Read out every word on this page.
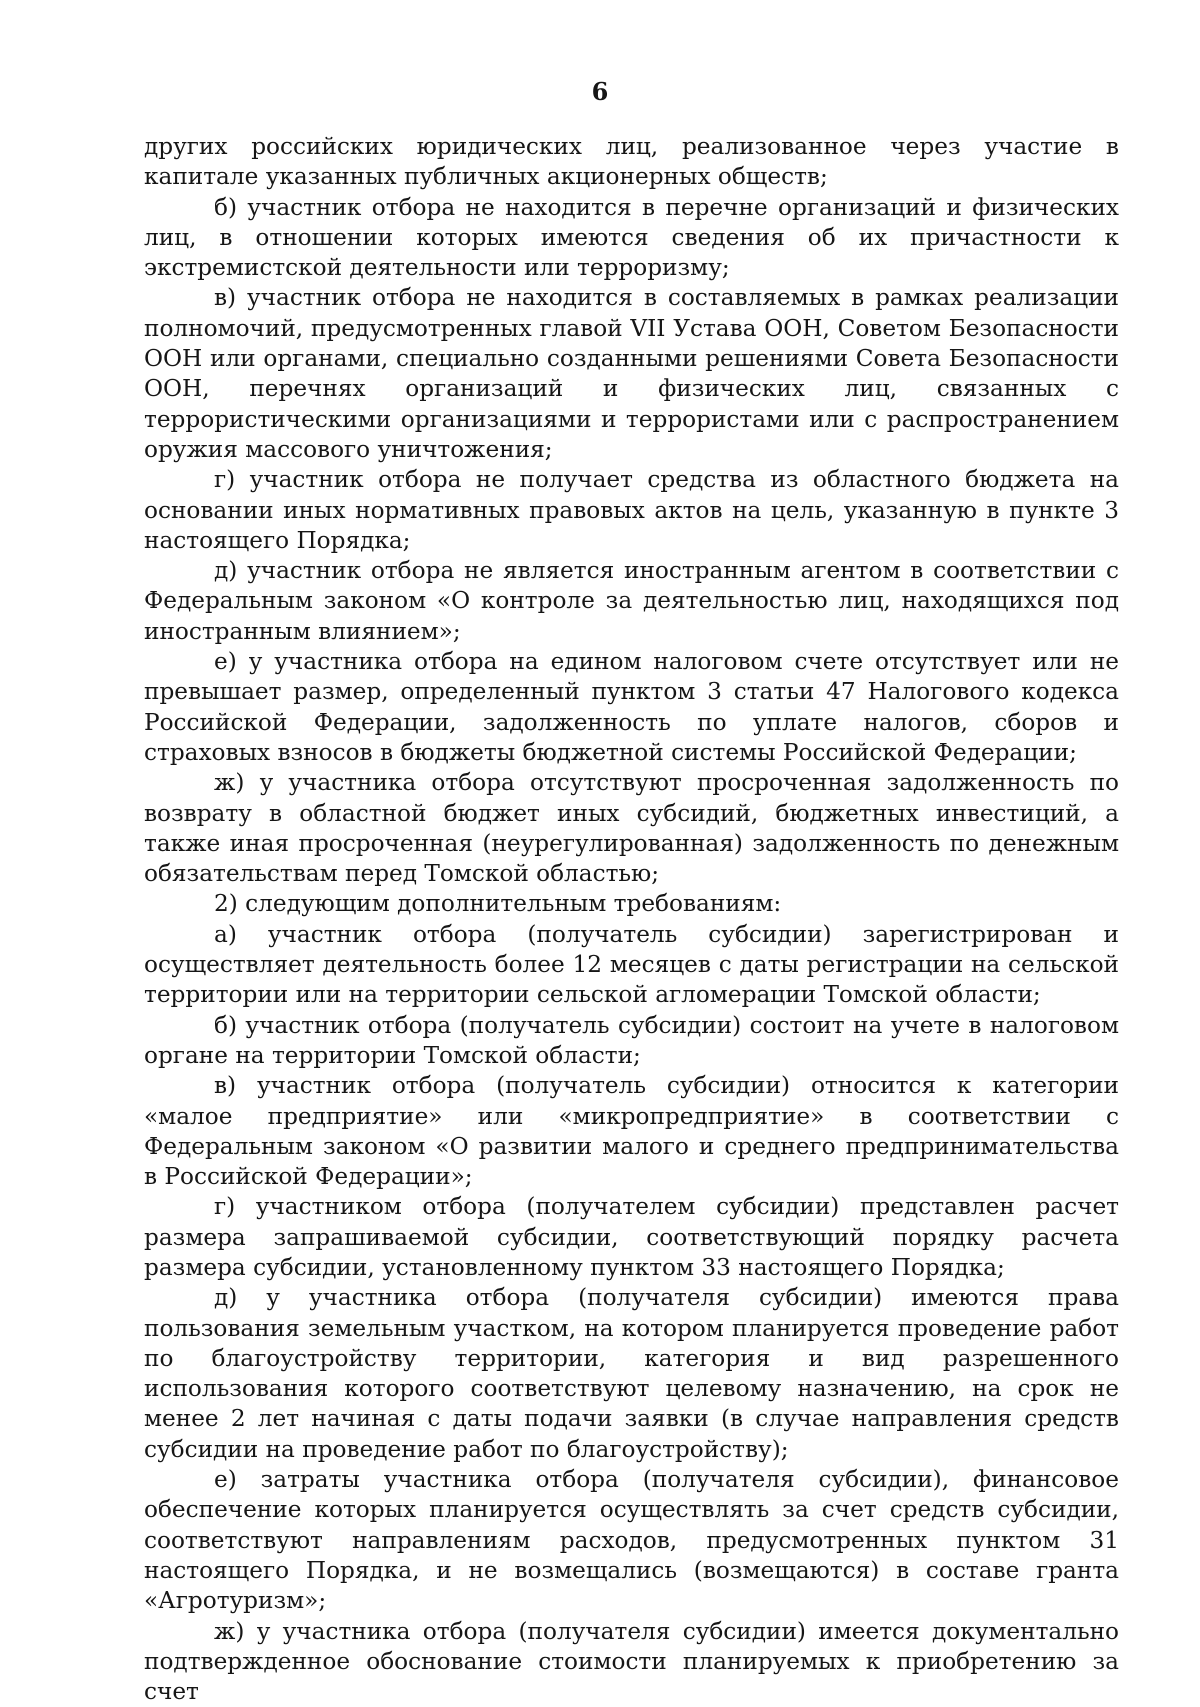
6

других российских юридических лиц, реализованное через участие в капитале указанных публичных акционерных обществ;

б) участник отбора не находится в перечне организаций и физических лиц, в отношении которых имеются сведения об их причастности к экстремистской деятельности или терроризму;

в) участник отбора не находится в составляемых в рамках реализации полномочий, предусмотренных главой VII Устава ООН, Советом Безопасности ООН или органами, специально созданными решениями Совета Безопасности ООН, перечнях организаций и физических лиц, связанных с террористическими организациями и террористами или с распространением оружия массового уничтожения;

г) участник отбора не получает средства из областного бюджета на основании иных нормативных правовых актов на цель, указанную в пункте 3 настоящего Порядка;

д) участник отбора не является иностранным агентом в соответствии с Федеральным законом «О контроле за деятельностью лиц, находящихся под иностранным влиянием»;

е) у участника отбора на едином налоговом счете отсутствует или не превышает размер, определенный пунктом 3 статьи 47 Налогового кодекса Российской Федерации, задолженность по уплате налогов, сборов и страховых взносов в бюджеты бюджетной системы Российской Федерации;

ж) у участника отбора отсутствуют просроченная задолженность по возврату в областной бюджет иных субсидий, бюджетных инвестиций, а также иная просроченная (неурегулированная) задолженность по денежным обязательствам перед Томской областью;

2) следующим дополнительным требованиям:

а) участник отбора (получатель субсидии) зарегистрирован и осуществляет деятельность более 12 месяцев с даты регистрации на сельской территории или на территории сельской агломерации Томской области;

б) участник отбора (получатель субсидии) состоит на учете в налоговом органе на территории Томской области;

в) участник отбора (получатель субсидии) относится к категории «малое предприятие» или «микропредприятие» в соответствии с Федеральным законом «О развитии малого и среднего предпринимательства в Российской Федерации»;

г) участником отбора (получателем субсидии) представлен расчет размера запрашиваемой субсидии, соответствующий порядку расчета размера субсидии, установленному пунктом 33 настоящего Порядка;

д) у участника отбора (получателя субсидии) имеются права пользования земельным участком, на котором планируется проведение работ по благоустройству территории, категория и вид разрешенного использования которого соответствуют целевому назначению, на срок не менее 2 лет начиная с даты подачи заявки (в случае направления средств субсидии на проведение работ по благоустройству);

е) затраты участника отбора (получателя субсидии), финансовое обеспечение которых планируется осуществлять за счет средств субсидии, соответствуют направлениям расходов, предусмотренных пунктом 31 настоящего Порядка, и не возмещались (возмещаются) в составе гранта «Агротуризм»;

ж) у участника отбора (получателя субсидии) имеется документально подтвержденное обоснование стоимости планируемых к приобретению за счет
